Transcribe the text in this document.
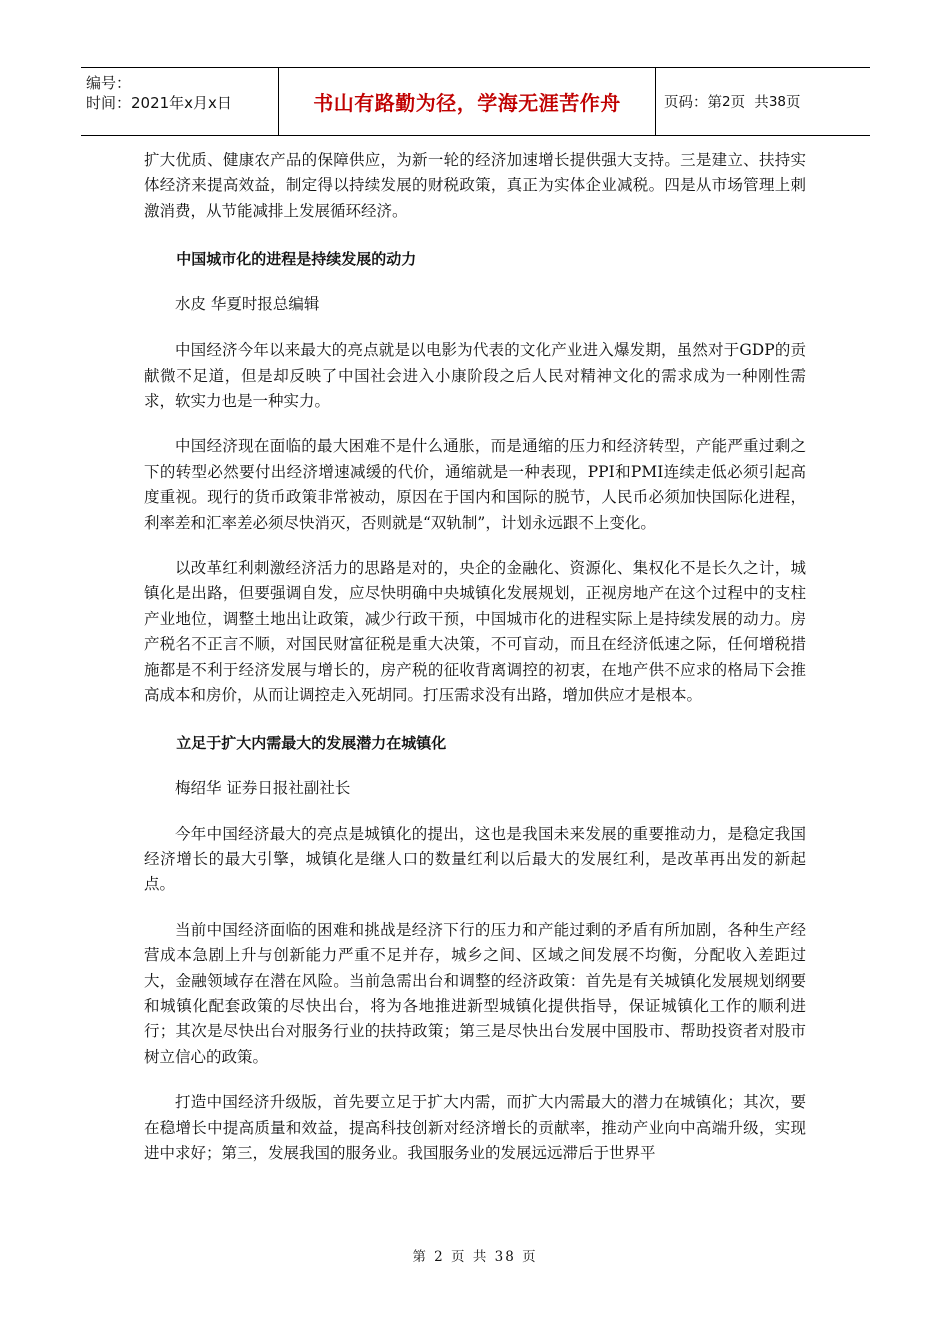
编号：
时间：2021年x月x日	书山有路勤为径，学海无涯苦作舟	页码：第 2 页  共 38 页

扩大优质、健康农产品的保障供应，为新一轮的经济加速增长提供强大支持。三是建立、扶持实体经济来提高效益，制定得以持续发展的财税政策，真正为实体企业减税。四是从市场管理上刺激消费，从节能减排上发展循环经济。

中国城市化的进程是持续发展的动力

水皮 华夏时报总编辑

中国经济今年以来最大的亮点就是以电影为代表的文化产业进入爆发期，虽然对于GDP的贡献微不足道，但是却反映了中国社会进入小康阶段之后人民对精神文化的需求成为一种刚性需求，软实力也是一种实力。

中国经济现在面临的最大困难不是什么通胀，而是通缩的压力和经济转型，产能严重过剩之下的转型必然要付出经济增速减缓的代价，通缩就是一种表现，PPI和PMI连续走低必须引起高度重视。现行的货币政策非常被动，原因在于国内和国际的脱节，人民币必须加快国际化进程，利率差和汇率差必须尽快消灭，否则就是“双轨制”，计划永远跟不上变化。

以改革红利刺激经济活力的思路是对的，央企的金融化、资源化、集权化不是长久之计，城镇化是出路，但要强调自发，应尽快明确中央城镇化发展规划，正视房地产在这个过程中的支柱产业地位，调整土地出让政策，减少行政干预，中国城市化的进程实际上是持续发展的动力。房产税名不正言不顺，对国民财富征税是重大决策，不可盲动，而且在经济低速之际，任何增税措施都是不利于经济发展与增长的，房产税的征收背离调控的初衷，在地产供不应求的格局下会推高成本和房价，从而让调控走入死胡同。打压需求没有出路，增加供应才是根本。

立足于扩大内需最大的发展潜力在城镇化

梅绍华 证券日报社副社长

今年中国经济最大的亮点是城镇化的提出，这也是我国未来发展的重要推动力，是稳定我国经济增长的最大引擎，城镇化是继人口的数量红利以后最大的发展红利，是改革再出发的新起点。

当前中国经济面临的困难和挑战是经济下行的压力和产能过剩的矛盾有所加剧，各种生产经营成本急剧上升与创新能力严重不足并存，城乡之间、区域之间发展不均衡，分配收入差距过大，金融领域存在潜在风险。当前急需出台和调整的经济政策：首先是有关城镇化发展规划纲要和城镇化配套政策的尽快出台，将为各地推进新型城镇化提供指导，保证城镇化工作的顺利进行；其次是尽快出台对服务行业的扶持政策；第三是尽快出台发展中国股市、帮助投资者对股市树立信心的政策。

打造中国经济升级版，首先要立足于扩大内需，而扩大内需最大的潜力在城镇化；其次，要在稳增长中提高质量和效益，提高科技创新对经济增长的贡献率，推动产业向中高端升级，实现进中求好；第三，发展我国的服务业。我国服务业的发展远远滞后于世界平

第 2 页 共 38 页
